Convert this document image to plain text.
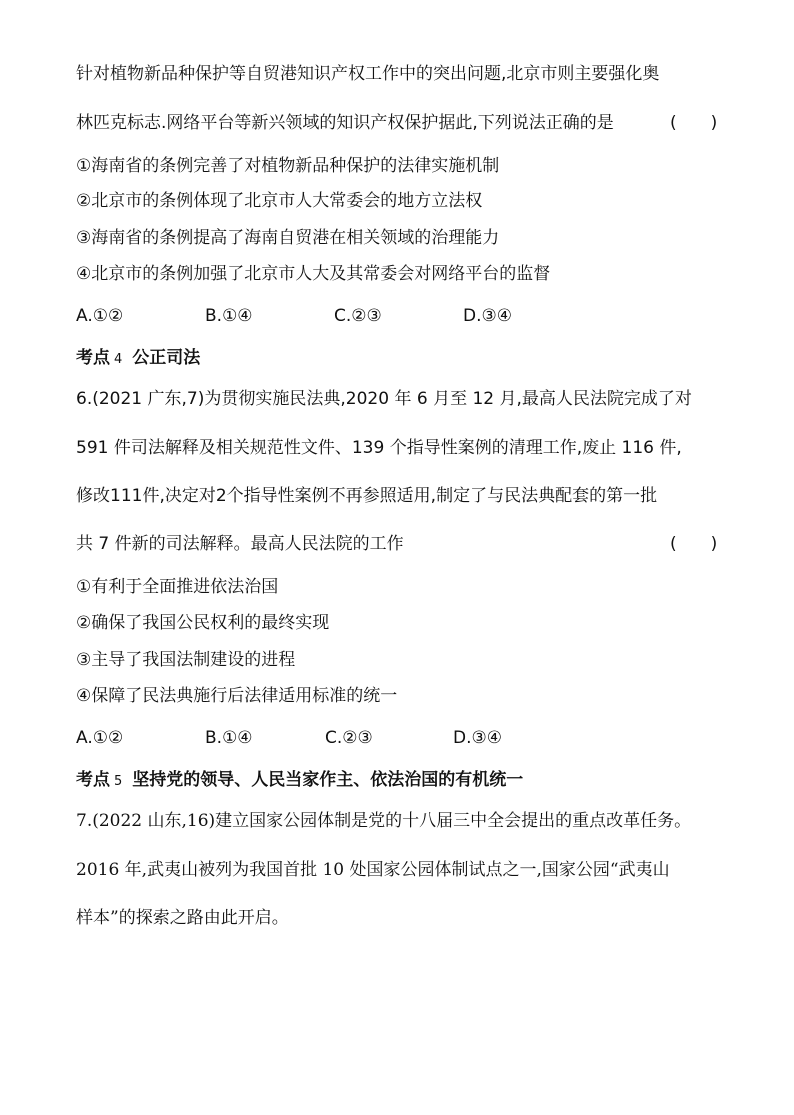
针对植物新品种保护等自贸港知识产权工作中的突出问题,北京市则主要强化奥
林匹克标志.网络平台等新兴领域的知识产权保护据此,下列说法正确的是	(　　)
①海南省的条例完善了对植物新品种保护的法律实施机制
②北京市的条例体现了北京市人大常委会的地方立法权
③海南省的条例提高了海南自贸港在相关领域的治理能力
④北京市的条例加强了北京市人大及其常委会对网络平台的监督
A.①②	B.①④	C.②③	D.③④
考点 4 公正司法
6.(2021 广东,7)为贯彻实施民法典,2020 年 6 月至 12 月,最高人民法院完成了对
591 件司法解释及相关规范性文件、139 个指导性案例的清理工作,废止 116 件,
修改111件,决定对2个指导性案例不再参照适用,制定了与民法典配套的第一批
共 7 件新的司法解释。最高人民法院的工作	(　　)
①有利于全面推进依法治国
②确保了我国公民权利的最终实现
③主导了我国法制建设的进程
④保障了民法典施行后法律适用标准的统一
A.①②	B.①④	C.②③	D.③④
考点 5 坚持党的领导、人民当家作主、依法治国的有机统一
7.(2022 山东,16)建立国家公园体制是党的十八届三中全会提出的重点改革任务。
2016 年,武夷山被列为我国首批 10 处国家公园体制试点之一,国家公园“武夷山
样本”的探索之路由此开启。
